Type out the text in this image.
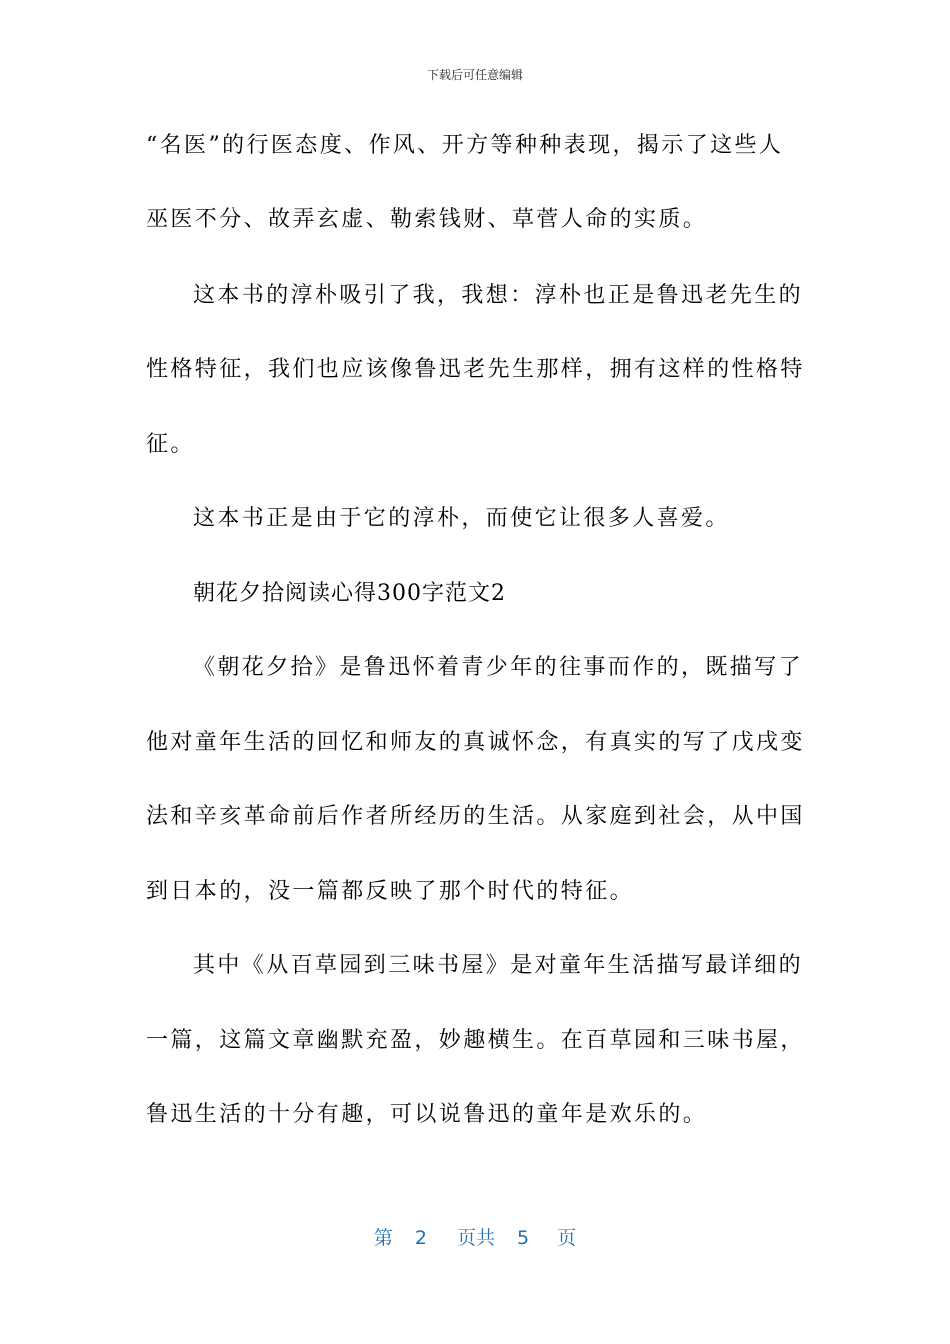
下载后可任意编辑
“名医”的行医态度、作风、开方等种种表现，揭示了这些人
巫医不分、故弄玄虚、勒索钱财、草菅人命的实质。
这本书的淳朴吸引了我，我想：淳朴也正是鲁迅老先生的
性格特征，我们也应该像鲁迅老先生那样，拥有这样的性格特
征。
这本书正是由于它的淳朴，而使它让很多人喜爱。
朝花夕拾阅读心得300字范文2
《朝花夕拾》是鲁迅怀着青少年的往事而作的，既描写了
他对童年生活的回忆和师友的真诚怀念，有真实的写了戊戌变
法和辛亥革命前后作者所经历的生活。从家庭到社会，从中国
到日本的，没一篇都反映了那个时代的特征。
其中《从百草园到三味书屋》是对童年生活描写最详细的
一篇，这篇文章幽默充盈，妙趣横生。在百草园和三味书屋，
鲁迅生活的十分有趣，可以说鲁迅的童年是欢乐的。
第 2 页共 5 页
